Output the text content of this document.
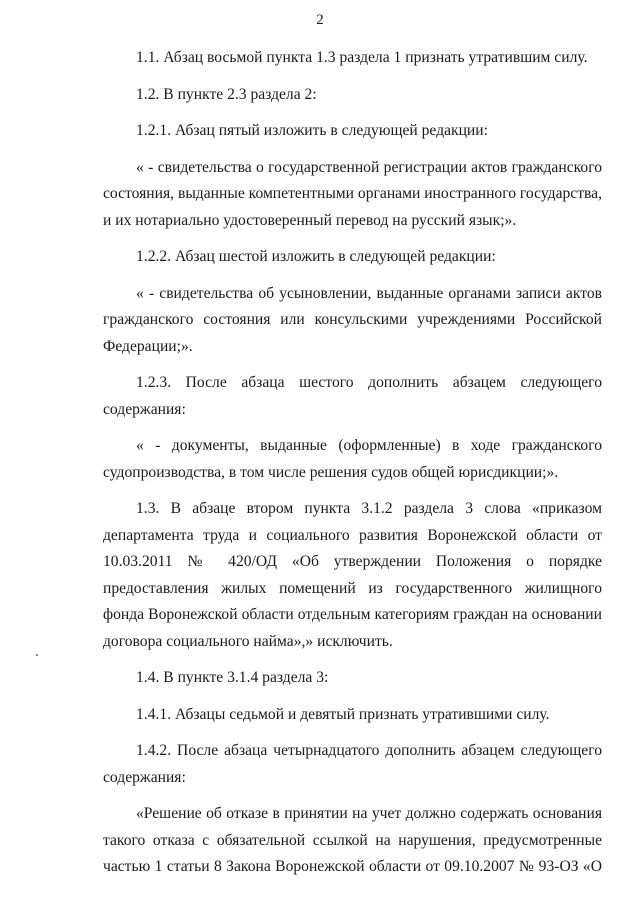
2

1.1. Абзац восьмой пункта 1.3 раздела 1 признать утратившим силу.

1.2. В пункте 2.3 раздела 2:

1.2.1. Абзац пятый изложить в следующей редакции:

« - свидетельства о государственной регистрации актов гражданского состояния, выданные компетентными органами иностранного государства, и их нотариально удостоверенный перевод на русский язык;».

1.2.2. Абзац шестой изложить в следующей редакции:

« - свидетельства об усыновлении, выданные органами записи актов гражданского состояния или консульскими учреждениями Российской Федерации;».

1.2.3. После абзаца шестого дополнить абзацем следующего содержания:

« - документы, выданные (оформленные) в ходе гражданского судопроизводства, в том числе решения судов общей юрисдикции;».

1.3. В абзаце втором пункта 3.1.2 раздела 3 слова «приказом департамента труда и социального развития Воронежской области от 10.03.2011 № 420/ОД «Об утверждении Положения о порядке предоставления жилых помещений из государственного жилищного фонда Воронежской области отдельным категориям граждан на основании договора социального найма»,» исключить.

1.4. В пункте 3.1.4 раздела 3:

1.4.1. Абзацы седьмой и девятый признать утратившими силу.

1.4.2. После абзаца четырнадцатого дополнить абзацем следующего содержания:

«Решение об отказе в принятии на учет должно содержать основания такого отказа с обязательной ссылкой на нарушения, предусмотренные частью 1 статьи 8 Закона Воронежской области от 09.10.2007 № 93-ОЗ «О
